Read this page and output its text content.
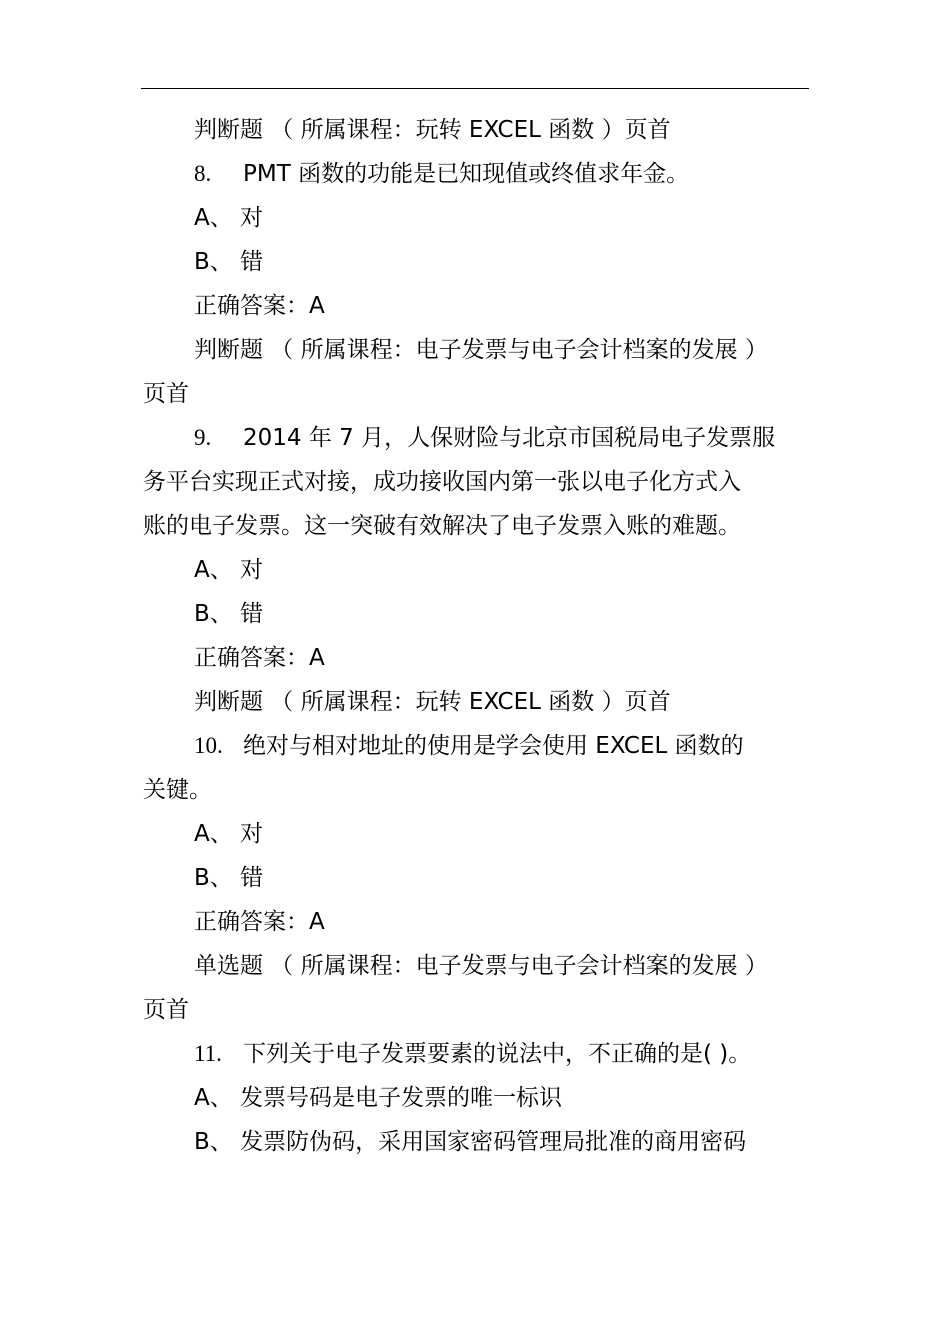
判断题 （ 所属课程：玩转 EXCEL 函数 ）页首
8. PMT 函数的功能是已知现值或终值求年金。
A、 对
B、 错
正确答案：A
判断题 （ 所属课程：电子发票与电子会计档案的发展 ）
页首
9. 2014 年 7 月，人保财险与北京市国税局电子发票服
务平台实现正式对接，成功接收国内第一张以电子化方式入
账的电子发票。这一突破有效解决了电子发票入账的难题。
A、 对
B、 错
正确答案：A
判断题 （ 所属课程：玩转 EXCEL 函数 ）页首
10. 绝对与相对地址的使用是学会使用 EXCEL 函数的
关键。
A、 对
B、 错
正确答案：A
单选题 （ 所属课程：电子发票与电子会计档案的发展 ）
页首
11. 下列关于电子发票要素的说法中，不正确的是( )。
A、 发票号码是电子发票的唯一标识
B、 发票防伪码，采用国家密码管理局批准的商用密码
